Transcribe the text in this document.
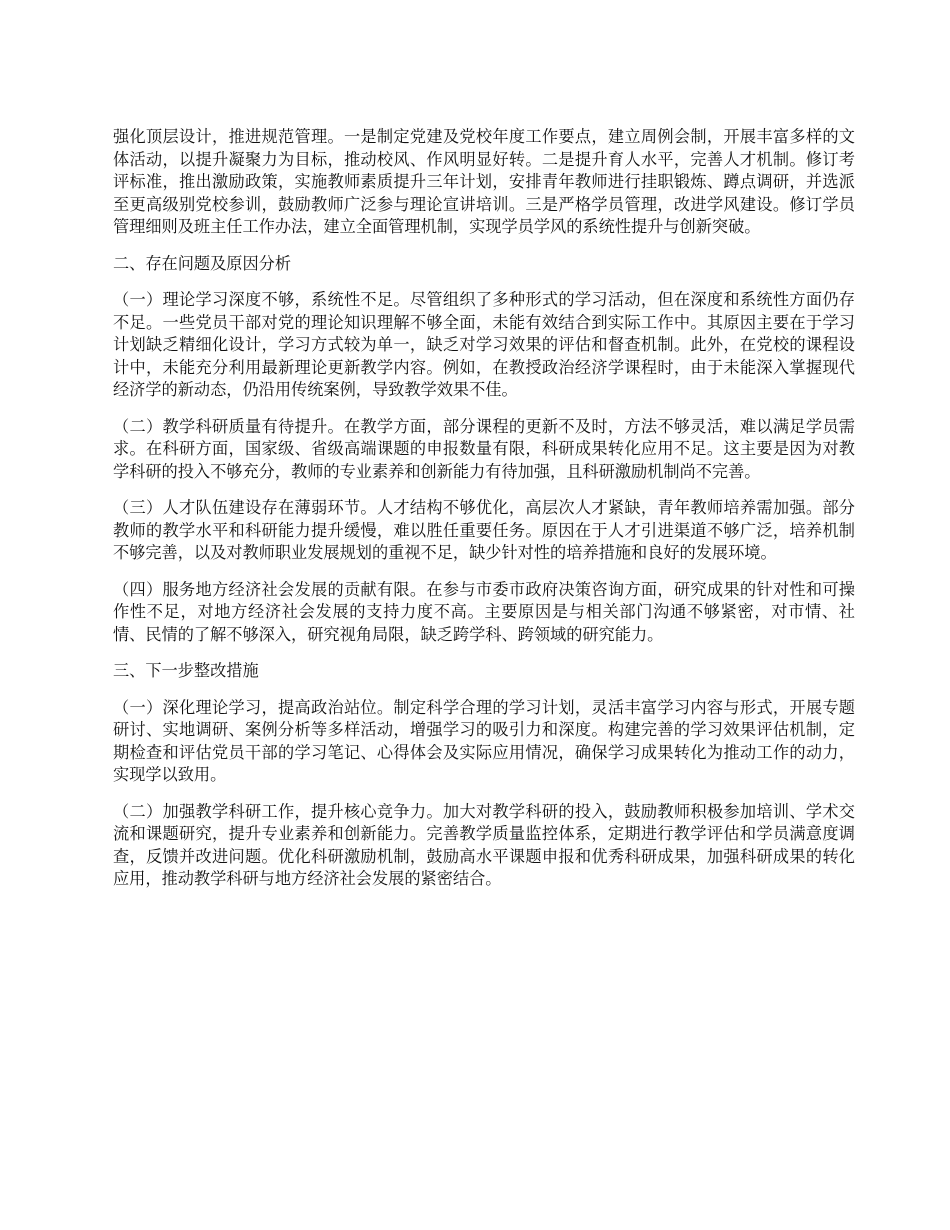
强化顶层设计，推进规范管理。一是制定党建及党校年度工作要点，建立周例会制，开展丰富多样的文体活动，以提升凝聚力为目标，推动校风、作风明显好转。二是提升育人水平，完善人才机制。修订考评标准，推出激励政策，实施教师素质提升三年计划，安排青年教师进行挂职锻炼、蹲点调研，并选派至更高级别党校参训，鼓励教师广泛参与理论宣讲培训。三是严格学员管理，改进学风建设。修订学员管理细则及班主任工作办法，建立全面管理机制，实现学员学风的系统性提升与创新突破。

二、存在问题及原因分析

（一）理论学习深度不够，系统性不足。尽管组织了多种形式的学习活动，但在深度和系统性方面仍存不足。一些党员干部对党的理论知识理解不够全面，未能有效结合到实际工作中。其原因主要在于学习计划缺乏精细化设计，学习方式较为单一，缺乏对学习效果的评估和督查机制。此外，在党校的课程设计中，未能充分利用最新理论更新教学内容。例如，在教授政治经济学课程时，由于未能深入掌握现代经济学的新动态，仍沿用传统案例，导致教学效果不佳。

（二）教学科研质量有待提升。在教学方面，部分课程的更新不及时，方法不够灵活，难以满足学员需求。在科研方面，国家级、省级高端课题的申报数量有限，科研成果转化应用不足。这主要是因为对教学科研的投入不够充分，教师的专业素养和创新能力有待加强，且科研激励机制尚不完善。

（三）人才队伍建设存在薄弱环节。人才结构不够优化，高层次人才紧缺，青年教师培养需加强。部分教师的教学水平和科研能力提升缓慢，难以胜任重要任务。原因在于人才引进渠道不够广泛，培养机制不够完善，以及对教师职业发展规划的重视不足，缺少针对性的培养措施和良好的发展环境。

（四）服务地方经济社会发展的贡献有限。在参与市委市政府决策咨询方面，研究成果的针对性和可操作性不足，对地方经济社会发展的支持力度不高。主要原因是与相关部门沟通不够紧密，对市情、社情、民情的了解不够深入，研究视角局限，缺乏跨学科、跨领域的研究能力。

三、下一步整改措施

（一）深化理论学习，提高政治站位。制定科学合理的学习计划，灵活丰富学习内容与形式，开展专题研讨、实地调研、案例分析等多样活动，增强学习的吸引力和深度。构建完善的学习效果评估机制，定期检查和评估党员干部的学习笔记、心得体会及实际应用情况，确保学习成果转化为推动工作的动力，实现学以致用。

（二）加强教学科研工作，提升核心竞争力。加大对教学科研的投入，鼓励教师积极参加培训、学术交流和课题研究，提升专业素养和创新能力。完善教学质量监控体系，定期进行教学评估和学员满意度调查，反馈并改进问题。优化科研激励机制，鼓励高水平课题申报和优秀科研成果，加强科研成果的转化应用，推动教学科研与地方经济社会发展的紧密结合。
